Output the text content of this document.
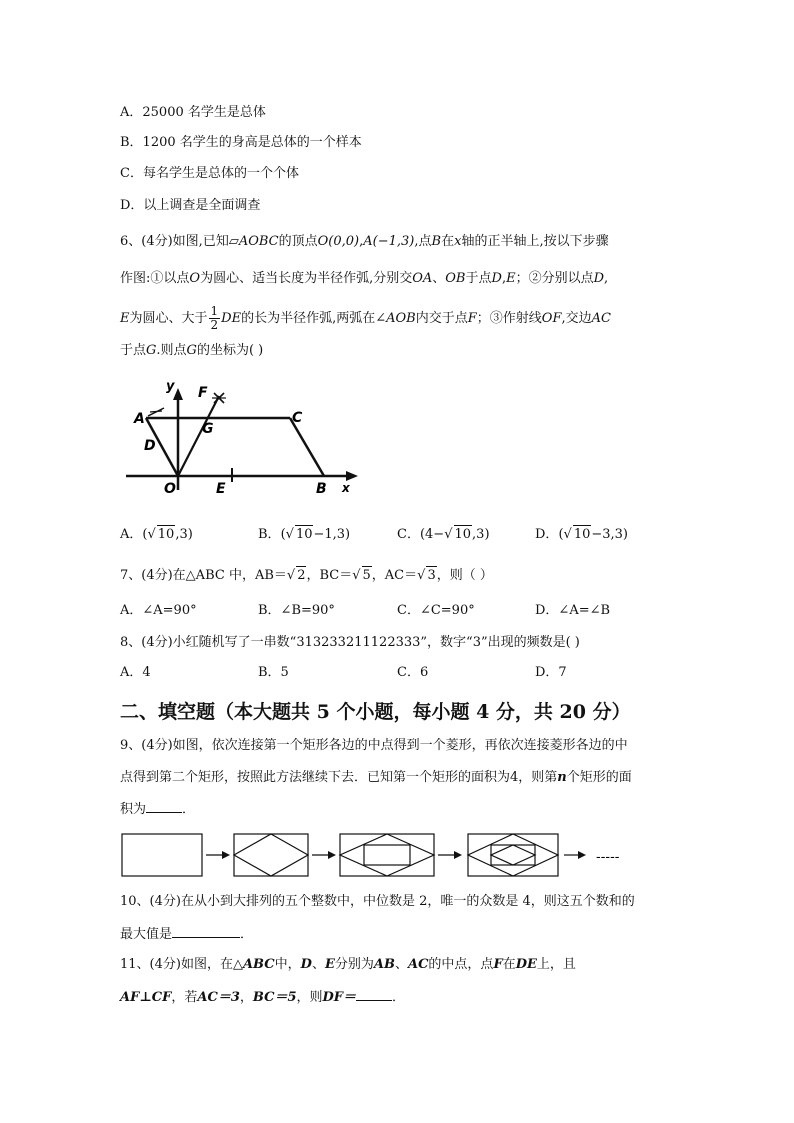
A．25000 名学生是总体
B．1200 名学生的身高是总体的一个样本
C．每名学生是总体的一个个体
D．以上调查是全面调查
6、(4分)如图,已知▱AOBC的顶点O(0,0),A(−1,3),点B在x轴的正半轴上,按以下步骤
作图:①以点O为圆心、适当长度为半径作弧,分别交OA、OB于点D,E；②分别以点D,
E为圆心、大于 $\frac{1}{2}$ DE的长为半径作弧,两弧在∠AOB内交于点F；③作射线OF,交边AC
于点G.则点G的坐标为( )
y F
A	C
D
G
O	E	B x
A．(√ 10,3)	B．(√ 10−1,3)	C．(4−√ 10,3)	D．(√ 10−3,3)
7、(4分)在△ABC 中，AB＝√ 2，BC＝√ 5，AC＝√ 3，则（ ）
A．∠A=90°	B．∠B=90°	C．∠C=90°	D．∠A=∠B
8、(4分)小红随机写了一串数“313233211122333”，数字“3”出现的频数是( )
A．4	B．5	C．6	D．7
二、填空题（本大题共 5 个小题，每小题 4 分，共 20 分）
9、(4分)如图，依次连接第一个矩形各边的中点得到一个菱形，再依次连接菱形各边的中
点得到第二个矩形，按照此方法继续下去．已知第一个矩形的面积为4，则第n个矩形的面
积为	．
-----
10、(4分)在从小到大排列的五个整数中，中位数是 2，唯一的众数是 4，则这五个数和的
最大值是	．
11、(4分)如图，在△ABC中，D、E分别为AB、AC的中点，点F在DE上，且
AF⊥CF，若AC＝3，BC＝5，则DF＝	．
